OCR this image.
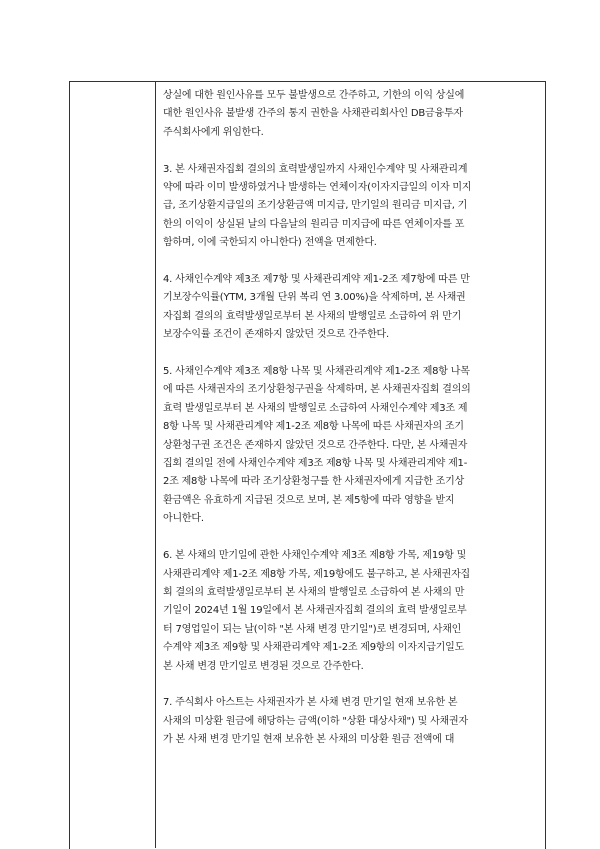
상실에 대한 원인사유를 모두 불발생으로 간주하고, 기한의 이익 상실에
대한 원인사유 불발생 간주의 통지 권한을 사채관리회사인 DB금융투자
주식회사에게 위임한다.

3. 본 사채권자집회 결의의 효력발생일까지 사채인수계약 및 사채관리계
약에 따라 이미 발생하였거나 발생하는 연체이자(이자지급일의 이자 미지
급, 조기상환지급일의 조기상환금액 미지급, 만기일의 원리금 미지급, 기
한의 이익이 상실된 날의 다음날의 원리금 미지급에 따른 연체이자를 포
함하며, 이에 국한되지 아니한다) 전액을 면제한다.

4. 사채인수계약 제3조 제7항 및 사채관리계약 제1-2조 제7항에 따른 만
기보장수익률(YTM, 3개월 단위 복리 연 3.00%)을 삭제하며, 본 사채권
자집회 결의의 효력발생일로부터 본 사채의 발행일로 소급하여 위 만기
보장수익률 조건이 존재하지 않았던 것으로 간주한다.

5. 사채인수계약 제3조 제8항 나목 및 사채관리계약 제1-2조 제8항 나목
에 따른 사채권자의 조기상환청구권을 삭제하며, 본 사채권자집회 결의의
효력 발생일로부터 본 사채의 발행일로 소급하여 사채인수계약 제3조 제
8항 나목 및 사채관리계약 제1-2조 제8항 나목에 따른 사채권자의 조기
상환청구권 조건은 존재하지 않았던 것으로 간주한다. 다만, 본 사채권자
집회 결의일 전에 사채인수계약 제3조 제8항 나목 및 사채관리계약 제1-
2조 제8항 나목에 따라 조기상환청구를 한 사채권자에게 지급한 조기상
환금액은 유효하게 지급된 것으로 보며, 본 제5항에 따라 영향을 받지
아니한다.

6. 본 사채의 만기일에 관한 사채인수계약 제3조 제8항 가목, 제19항 및
사채관리계약 제1-2조 제8항 가목, 제19항에도 불구하고, 본 사채권자집
회 결의의 효력발생일로부터 본 사채의 발행일로 소급하여 본 사채의 만
기일이 2024년 1월 19일에서 본 사채권자집회 결의의 효력 발생일로부
터 7영업일이 되는 날(이하 "본 사채 변경 만기일")로 변경되며, 사채인
수계약 제3조 제9항 및 사채관리계약 제1-2조 제9항의 이자지급기일도
본 사채 변경 만기일로 변경된 것으로 간주한다.

7. 주식회사 아스트는 사채권자가 본 사채 변경 만기일 현재 보유한 본
사채의 미상환 원금에 해당하는 금액(이하 "상환 대상사채") 및 사채권자
가 본 사채 변경 만기일 현재 보유한 본 사채의 미상환 원금 전액에 대
